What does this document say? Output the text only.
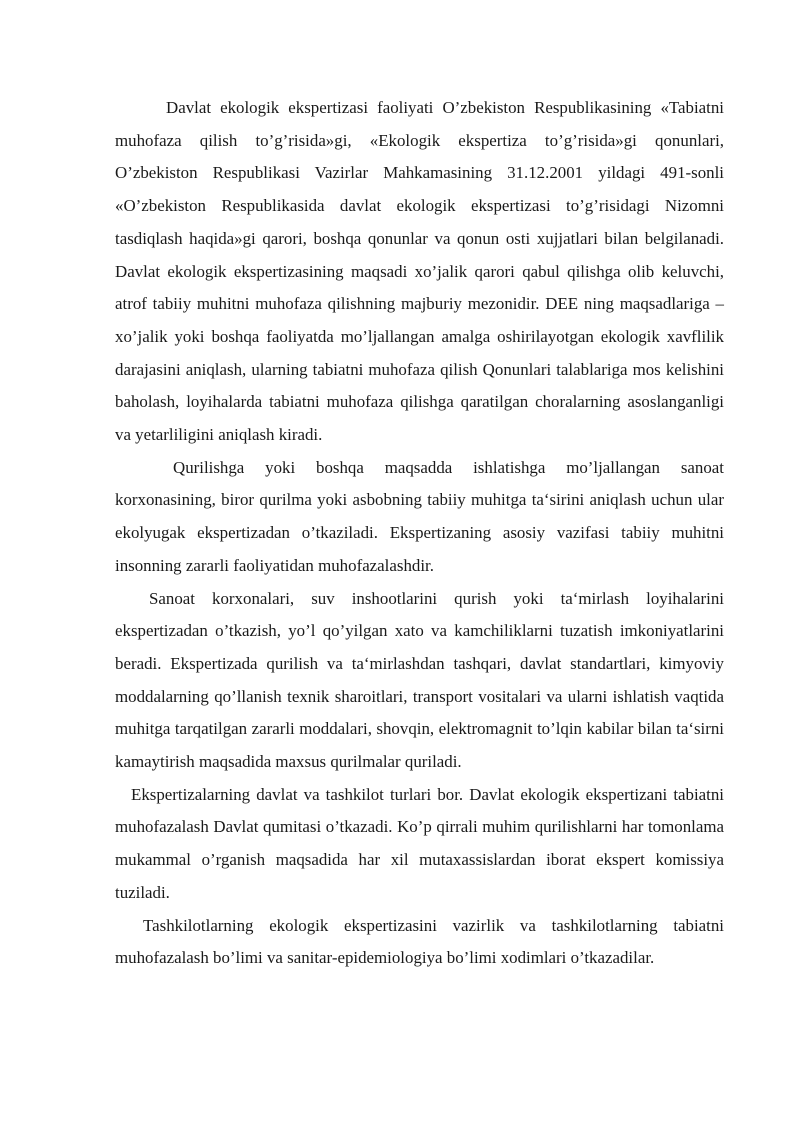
Davlat ekologik ekspertizasi faoliyati O’zbekiston Respublikasining «Tabiatni muhofaza qilish to’g’risida»gi, «Ekologik ekspertiza to’g’risida»gi qonunlari, O’zbekiston Respublikasi Vazirlar Mahkamasining 31.12.2001 yildagi 491-sonli «O’zbekiston Respublikasida davlat ekologik ekspertizasi to’g’risidagi Nizomni tasdiqlash haqida»gi qarori, boshqa qonunlar va qonun osti xujjatlari bilan belgilanadi. Davlat ekologik ekspertizasining maqsadi xo’jalik qarori qabul qilishga olib keluvchi, atrof tabiiy muhitni muhofaza qilishning majburiy mezonidir. DEE ning maqsadlariga – xo’jalik yoki boshqa faoliyatda mo’ljallangan amalga oshirilayotgan ekologik xavflilik darajasini aniqlash, ularning tabiatni muhofaza qilish Qonunlari talablariga mos kelishini baholash, loyihalarda tabiatni muhofaza qilishga qaratilgan choralarning asoslanganligi va yetarliligini aniqlash kiradi.

Qurilishga yoki boshqa maqsadda ishlatishga mo’ljallangan sanoat korxonasining, biror qurilma yoki asbobning tabiiy muhitga ta‘sirini aniqlash uchun ular ekolyugak ekspertizadan o’tkaziladi. Ekspertizaning asosiy vazifasi tabiiy muhitni insonning zararli faoliyatidan muhofazalashdir.

Sanoat korxonalari, suv inshootlarini qurish yoki ta‘mirlash loyihalarini ekspertizadan o’tkazish, yo’l qo’yilgan xato va kamchiliklarni tuzatish imkoniyatlarini beradi. Ekspertizada qurilish va ta‘mirlashdan tashqari, davlat standartlari, kimyoviy moddalarning qo’llanish texnik sharoitlari, transport vositalari va ularni ishlatish vaqtida muhitga tarqatilgan zararli moddalari, shovqin, elektromagnit to’lqin kabilar bilan ta‘sirni kamaytirish maqsadida maxsus qurilmalar quriladi.

Ekspertizalarning davlat va tashkilot turlari bor. Davlat ekologik ekspertizani tabiatni muhofazalash Davlat qumitasi o’tkazadi. Ko’p qirrali muhim qurilishlarni har tomonlama mukammal o’rganish maqsadida har xil mutaxassislardan iborat ekspert komissiya tuziladi.

Tashkilotlarning ekologik ekspertizasini vazirlik va tashkilotlarning tabiatni muhofazalash bo’limi va sanitar-epidemiologiya bo’limi xodimlari o’tkazadilar.
